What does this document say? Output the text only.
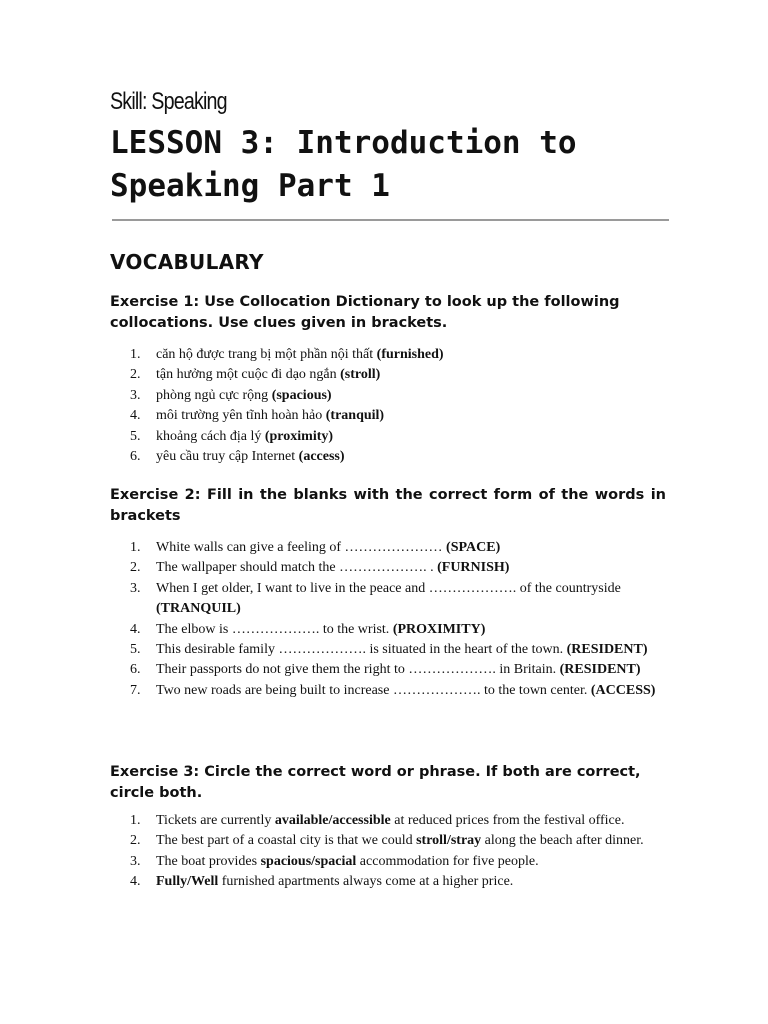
Skill: Speaking
LESSON 3: Introduction to Speaking Part 1
VOCABULARY
Exercise 1: Use Collocation Dictionary to look up the following collocations. Use clues given in brackets.
1.	căn hộ được trang bị một phần nội thất (furnished)
2.	tận hưởng một cuộc đi dạo ngắn (stroll)
3.	phòng ngủ cực rộng (spacious)
4.	môi trường yên tĩnh hoàn hảo (tranquil)
5.	khoảng cách địa lý (proximity)
6.	yêu cầu truy cập Internet (access)
Exercise 2: Fill in the blanks with the correct form of the words in brackets
1.	White walls can give a feeling of ………………… (SPACE)
2.	The wallpaper should match the ………………. . (FURNISH)
3.	When I get older, I want to live in the peace and ………………. of the countryside (TRANQUIL)
4.	The elbow is ………………. to the wrist. (PROXIMITY)
5.	This desirable family ………………. is situated in the heart of the town. (RESIDENT)
6.	Their passports do not give them the right to ………………. in Britain. (RESIDENT)
7.	Two new roads are being built to increase ………………. to the town center. (ACCESS)
Exercise 3: Circle the correct word or phrase. If both are correct, circle both.
1.	Tickets are currently available/accessible at reduced prices from the festival office.
2.	The best part of a coastal city is that we could stroll/stray along the beach after dinner.
3.	The boat provides spacious/spacial accommodation for five people.
4.	Fully/Well furnished apartments always come at a higher price.
